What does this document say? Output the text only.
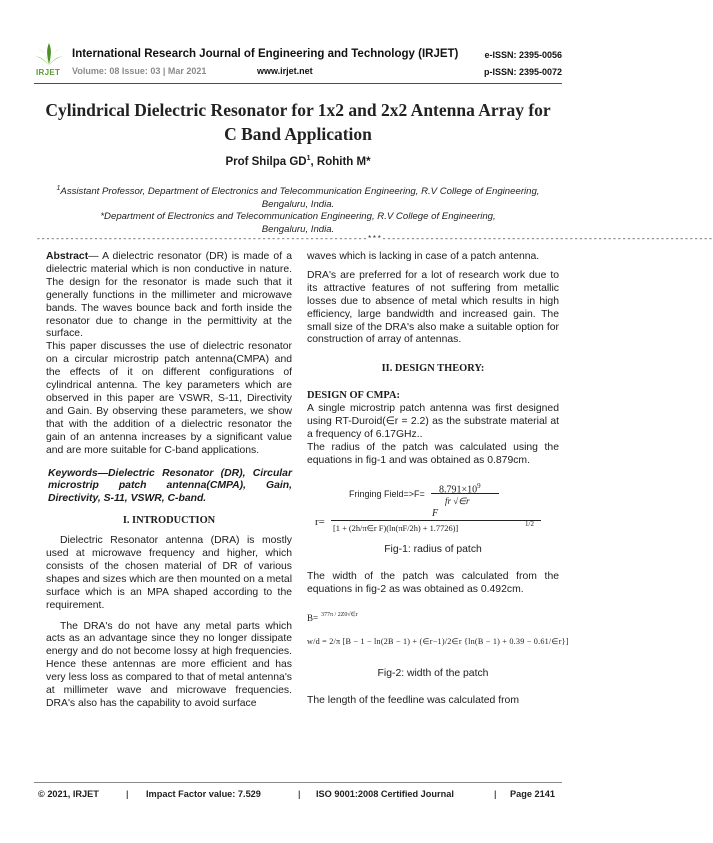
IRJET
International Research Journal of Engineering and Technology (IRJET)
Volume: 08 Issue: 03 | Mar 2021	www.irjet.net
e-ISSN: 2395-0056
p-ISSN: 2395-0072
Cylindrical Dielectric Resonator for 1x2 and 2x2 Antenna Array for
C Band Application
Prof Shilpa $GD^1$, Rohith M*
$^1$Assistant Professor, Department of Electronics and Telecommunication Engineering, R.V College of Engineering,
Bengaluru, India.
*Department of Electronics and Telecommunication Engineering, R.V College of Engineering,
Bengaluru, India.
---------------------------------------------------------------------***---------------------------------------------------------------------

Abstract— A dielectric resonator (DR) is made of a dielectric material which is non conductive in nature. The design for the resonator is made such that it generally functions in the millimeter and microwave bands. The waves bounce back and forth inside the resonator due to change in the permittivity at the surface.

This paper discusses the use of dielectric resonator on a circular microstrip patch antenna(CMPA) and the effects of it on different configurations of cylindrical antenna. The key parameters which are observed in this paper are VSWR, S-11, Directivity and Gain. By observing these parameters, we show that with the addition of a dielectric resonator the gain of an antenna increases by a significant value and are more suitable for C-band applications.

Keywords—Dielectric Resonator (DR), Circular microstrip patch antenna(CMPA), Gain, Directivity, S-11, VSWR, C-band.

I. INTRODUCTION

Dielectric Resonator antenna (DRA) is mostly used at microwave frequency and higher, which consists of the chosen material of DR of various shapes and sizes which are then mounted on a metal surface which is an MPA shaped according to the requirement.

The DRA's do not have any metal parts which acts as an advantage since they no longer dissipate energy and do not become lossy at high frequencies. Hence these antennas are more efficient and has very less loss as compared to that of metal antenna's at millimeter wave and microwave frequencies. DRA's also has the capability to avoid surface

waves which is lacking in case of a patch antenna.

DRA's are preferred for a lot of research work due to its attractive features of not suffering from metallic losses due to absence of metal which results in high efficiency, large bandwidth and increased gain. The small size of the DRA's also make a suitable option for construction of array of antennas.

II. DESIGN THEORY:

DESIGN OF CMPA:

A single microstrip patch antenna was first designed using RT-Duroid(∈r = 2.2) as the substrate material at a frequency of 6.17GHz..

The radius of the patch was calculated using the equations in fig-1 and was obtained as 0.879cm.

Fringing Field=>F= $8.791\times 10^9$
fr √∈r
r=
F
[1 + (2h/π∈r F)(ln(πF/2h) + 1.7726)]	1/2

Fig-1: radius of patch

The width of the patch was calculated from the equations in fig-2 as was obtained as 0.492cm.

B= 377π / 2Z0√∈r
w/d = 2/π [B − 1 − ln(2B − 1) + (∈r−1)/2∈r {ln(B − 1) + 0.39 − 0.61/∈r}]

Fig-2: width of the patch

The length of the feedline was calculated from

© 2021, IRJET	| Impact Factor value: 7.529	| ISO 9001:2008 Certified Journal	| Page 2141
